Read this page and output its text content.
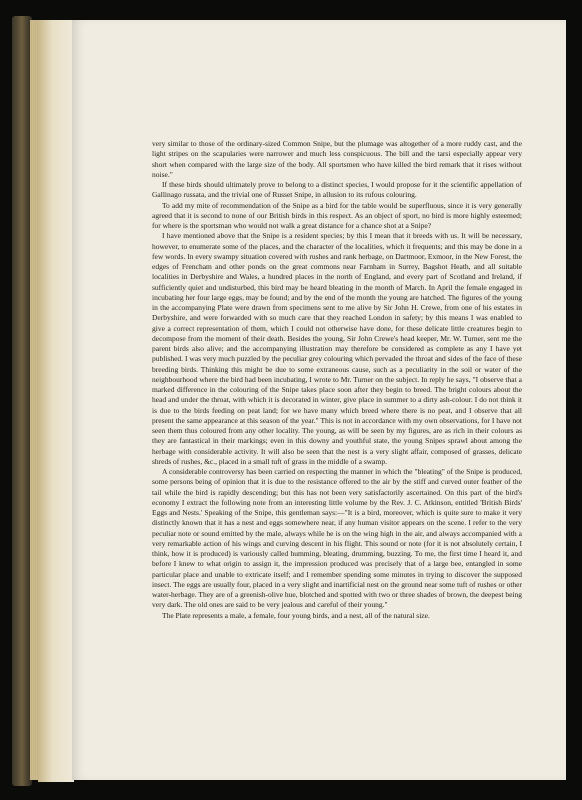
very similar to those of the ordinary-sized Common Snipe, but the plumage was altogether of a more ruddy cast, and the light stripes on the scapularies were narrower and much less conspicuous. The bill and the tarsi especially appear very short when compared with the large size of the body. All sportsmen who have killed the bird remark that it rises without noise."

If these birds should ultimately prove to belong to a distinct species, I would propose for it the scientific appellation of Gallinago russata, and the trivial one of Russet Snipe, in allusion to its rufous colouring.

To add my mite of recommendation of the Snipe as a bird for the table would be superfluous, since it is very generally agreed that it is second to none of our British birds in this respect. As an object of sport, no bird is more highly esteemed; for where is the sportsman who would not walk a great distance for a chance shot at a Snipe?

I have mentioned above that the Snipe is a resident species; by this I mean that it breeds with us. It will be necessary, however, to enumerate some of the places, and the character of the localities, which it frequents; and this may be done in a few words. In every swampy situation covered with rushes and rank herbage, on Dartmoor, Exmoor, in the New Forest, the edges of Frencham and other ponds on the great commons near Farnham in Surrey, Bagshot Heath, and all suitable localities in Derbyshire and Wales, a hundred places in the north of England, and every part of Scotland and Ireland, if sufficiently quiet and undisturbed, this bird may be heard bleating in the month of March. In April the female engaged in incubating her four large eggs, may be found; and by the end of the month the young are hatched. The figures of the young in the accompanying Plate were drawn from specimens sent to me alive by Sir John H. Crewe, from one of his estates in Derbyshire, and were forwarded with so much care that they reached London in safety; by this means I was enabled to give a correct representation of them, which I could not otherwise have done, for these delicate little creatures begin to decompose from the moment of their death. Besides the young, Sir John Crewe's head keeper, Mr. W. Turner, sent me the parent birds also alive; and the accompanying illustration may therefore be considered as complete as any I have yet published. I was very much puzzled by the peculiar grey colouring which pervaded the throat and sides of the face of these breeding birds. Thinking this might be due to some extraneous cause, such as a peculiarity in the soil or water of the neighbourhood where the bird had been incubating, I wrote to Mr. Turner on the subject. In reply he says, "I observe that a marked difference in the colouring of the Snipe takes place soon after they begin to breed. The bright colours about the head and under the throat, with which it is decorated in winter, give place in summer to a dirty ash-colour. I do not think it is due to the birds feeding on peat land; for we have many which breed where there is no peat, and I observe that all present the same appearance at this season of the year." This is not in accordance with my own observations, for I have not seen them thus coloured from any other locality. The young, as will be seen by my figures, are as rich in their colours as they are fantastical in their markings; even in this downy and youthful state, the young Snipes sprawl about among the herbage with considerable activity. It will also be seen that the nest is a very slight affair, composed of grasses, delicate shreds of rushes, &c., placed in a small tuft of grass in the middle of a swamp.

A considerable controversy has been carried on respecting the manner in which the "bleating" of the Snipe is produced, some persons being of opinion that it is due to the resistance offered to the air by the stiff and curved outer feather of the tail while the bird is rapidly descending; but this has not been very satisfactorily ascertained. On this part of the bird's economy I extract the following note from an interesting little volume by the Rev. J. C. Atkinson, entitled 'British Birds' Eggs and Nests.' Speaking of the Snipe, this gentleman says:—"It is a bird, moreover, which is quite sure to make it very distinctly known that it has a nest and eggs somewhere near, if any human visitor appears on the scene. I refer to the very peculiar note or sound emitted by the male, always while he is on the wing high in the air, and always accompanied with a very remarkable action of his wings and curving descent in his flight. This sound or note (for it is not absolutely certain, I think, how it is produced) is variously called humming, bleating, drumming, buzzing. To me, the first time I heard it, and before I knew to what origin to assign it, the impression produced was precisely that of a large bee, entangled in some particular place and unable to extricate itself; and I remember spending some minutes in trying to discover the supposed insect. The eggs are usually four, placed in a very slight and inartificial nest on the ground near some tuft of rushes or other water-herbage. They are of a greenish-olive hue, blotched and spotted with two or three shades of brown, the deepest being very dark. The old ones are said to be very jealous and careful of their young."

The Plate represents a male, a female, four young birds, and a nest, all of the natural size.
